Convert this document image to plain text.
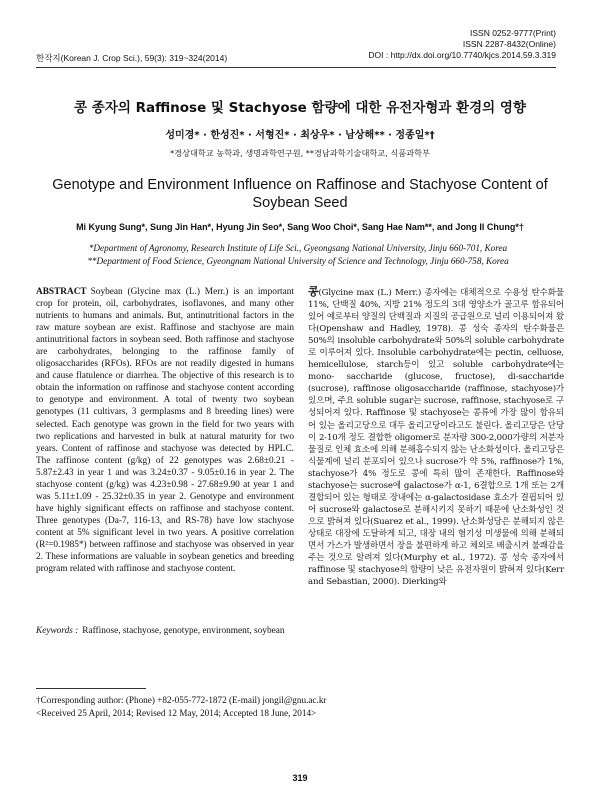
한작지(Korean J. Crop Sci.), 59(3): 319~324(2014)
ISSN 0252-9777(Print)
ISSN 2287-8432(Online)
DOI : http://dx.doi.org/10.7740/kjcs.2014.59.3.319
콩 종자의 Raffinose 및 Stachyose 함량에 대한 유전자형과 환경의 영향
성미경* · 한성진* · 서형진* · 최상우* · 남상해** · 정종일*†
*경상대학교 농학과, 생명과학연구원, **경남과학기술대학교, 식품과학부
Genotype and Environment Influence on Raffinose and Stachyose Content of Soybean Seed
Mi Kyung Sung*, Sung Jin Han*, Hyung Jin Seo*, Sang Woo Choi*, Sang Hae Nam**, and Jong Il Chung*†
*Department of Agronomy, Research Institute of Life Sci., Gyeongsang National University, Jinju 660-701, Korea
**Department of Food Science, Gyeongnam National University of Science and Technology, Jinju 660-758, Korea
ABSTRACT Soybean (Glycine max (L.) Merr.) is an important crop for protein, oil, carbohydrates, isoflavones, and many other nutrients to humans and animals. But, antinutritional factors in the raw mature soybean are exist. Raffinose and stachyose are main antinutritional factors in soybean seed. Both raffinose and stachyose are carbohydrates, belonging to the raffinose family of oligosaccharides (RFOs). RFOs are not readily digested in humans and cause flatulence or diarrhea. The objective of this research is to obtain the information on raffinose and stachyose content according to genotype and environment. A total of twenty two soybean genotypes (11 cultivars, 3 germplasms and 8 breeding lines) were selected. Each genotype was grown in the field for two years with two replications and harvested in bulk at natural maturity for two years. Content of raffinose and stachyose was detected by HPLC. The raffinose content (g/kg) of 22 genotypes was 2.68±0.21 - 5.87±2.43 in year 1 and was 3.24±0.37 - 9.05±0.16 in year 2. The stachyose content (g/kg) was 4.23±0.98 - 27.68±9.90 at year 1 and was 5.11±1.09 - 25.32±0.35 in year 2. Genotype and environment have highly significant effects on raffinose and stachyose content. Three genotypes (Da-7, 116-13, and RS-78) have low stachyose content at 5% significant level in two years. A positive correlation (R²=0.1985*) between raffinose and stachyose was observed in year 2. These informations are valuable in soybean genetics and breeding program related with raffinose and stachyose content.
Keywords : Raffinose, stachyose, genotype, environment, soybean
콩(Glycine max (L.) Merr.) 종자에는 대체적으로 수용성 탄수화물 11%, 단백질 40%, 지방 21% 정도의 3대 영양소가 골고루 함유되어 있어 예로부터 양질의 단백질과 지질의 공급원으로 널리 이용되어져 왔다(Openshaw and Hadley, 1978). 콩 성숙 종자의 탄수화물은 50%의 insoluble carbohydrate와 50%의 soluble carbohydrate로 이루어져 있다. Insoluble carbohydrate에는 pectin, celluose, hemicellulose, starch등이 있고 soluble carbohydrate에는 mono- saccharide (glucose, fructose), di-saccharide (sucrose), raffinose oligosaccharide (raffinose, stachyose)가 있으며, 주요 soluble sugar는 sucrose, raffinose, stachyose로 구성되어져 있다. Raffinose 및 stachyose는 콩류에 가장 많이 함유되어 있는 올리고당으로 대두 올리고당이라고도 불린다. 올리고당은 단당이 2-10개 정도 결합한 oligomer로 분자량 300-2,000가량의 저분자 물질로 인체 효소에 의해 분해흡수되지 않는 난소화성이다. 올리고당은 식물계에 널리 분포되어 있으나 sucrose가 약 5%, raffinose가 1%, stachyose가 4% 정도로 콩에 특히 많이 존재한다. Raffinose와 stachyose는 sucrose에 galactose가 α-1, 6결합으로 1개 또는 2개 결합되어 있는 형태로 장내에는 α-galactosidase 효소가 결핍되어 있어 sucrose와 galactose로 분해시키지 못하기 때문에 난소화성인 것으로 밝혀져 있다(Suarez et al., 1999). 난소화성당은 분해되지 않은 상태로 대장에 도달하게 되고, 대장 내의 혐기성 미생물에 의해 분해되면서 가스가 발생하면서 장을 불편하게 하고 체외로 배출시켜 불쾌감을 주는 것으로 알려져 있다(Murphy et al., 1972). 콩 성숙 종자에서 raffinose 및 stachyose의 함량이 낮은 유전자원이 밝혀져 있다(Kerr and Sebastian, 2000). Dierking와
†Corresponding author: (Phone) +82-055-772-1872 (E-mail) jongil@gnu.ac.kr
<Received 25 April, 2014; Revised 12 May, 2014; Accepted 18 June, 2014>
319
